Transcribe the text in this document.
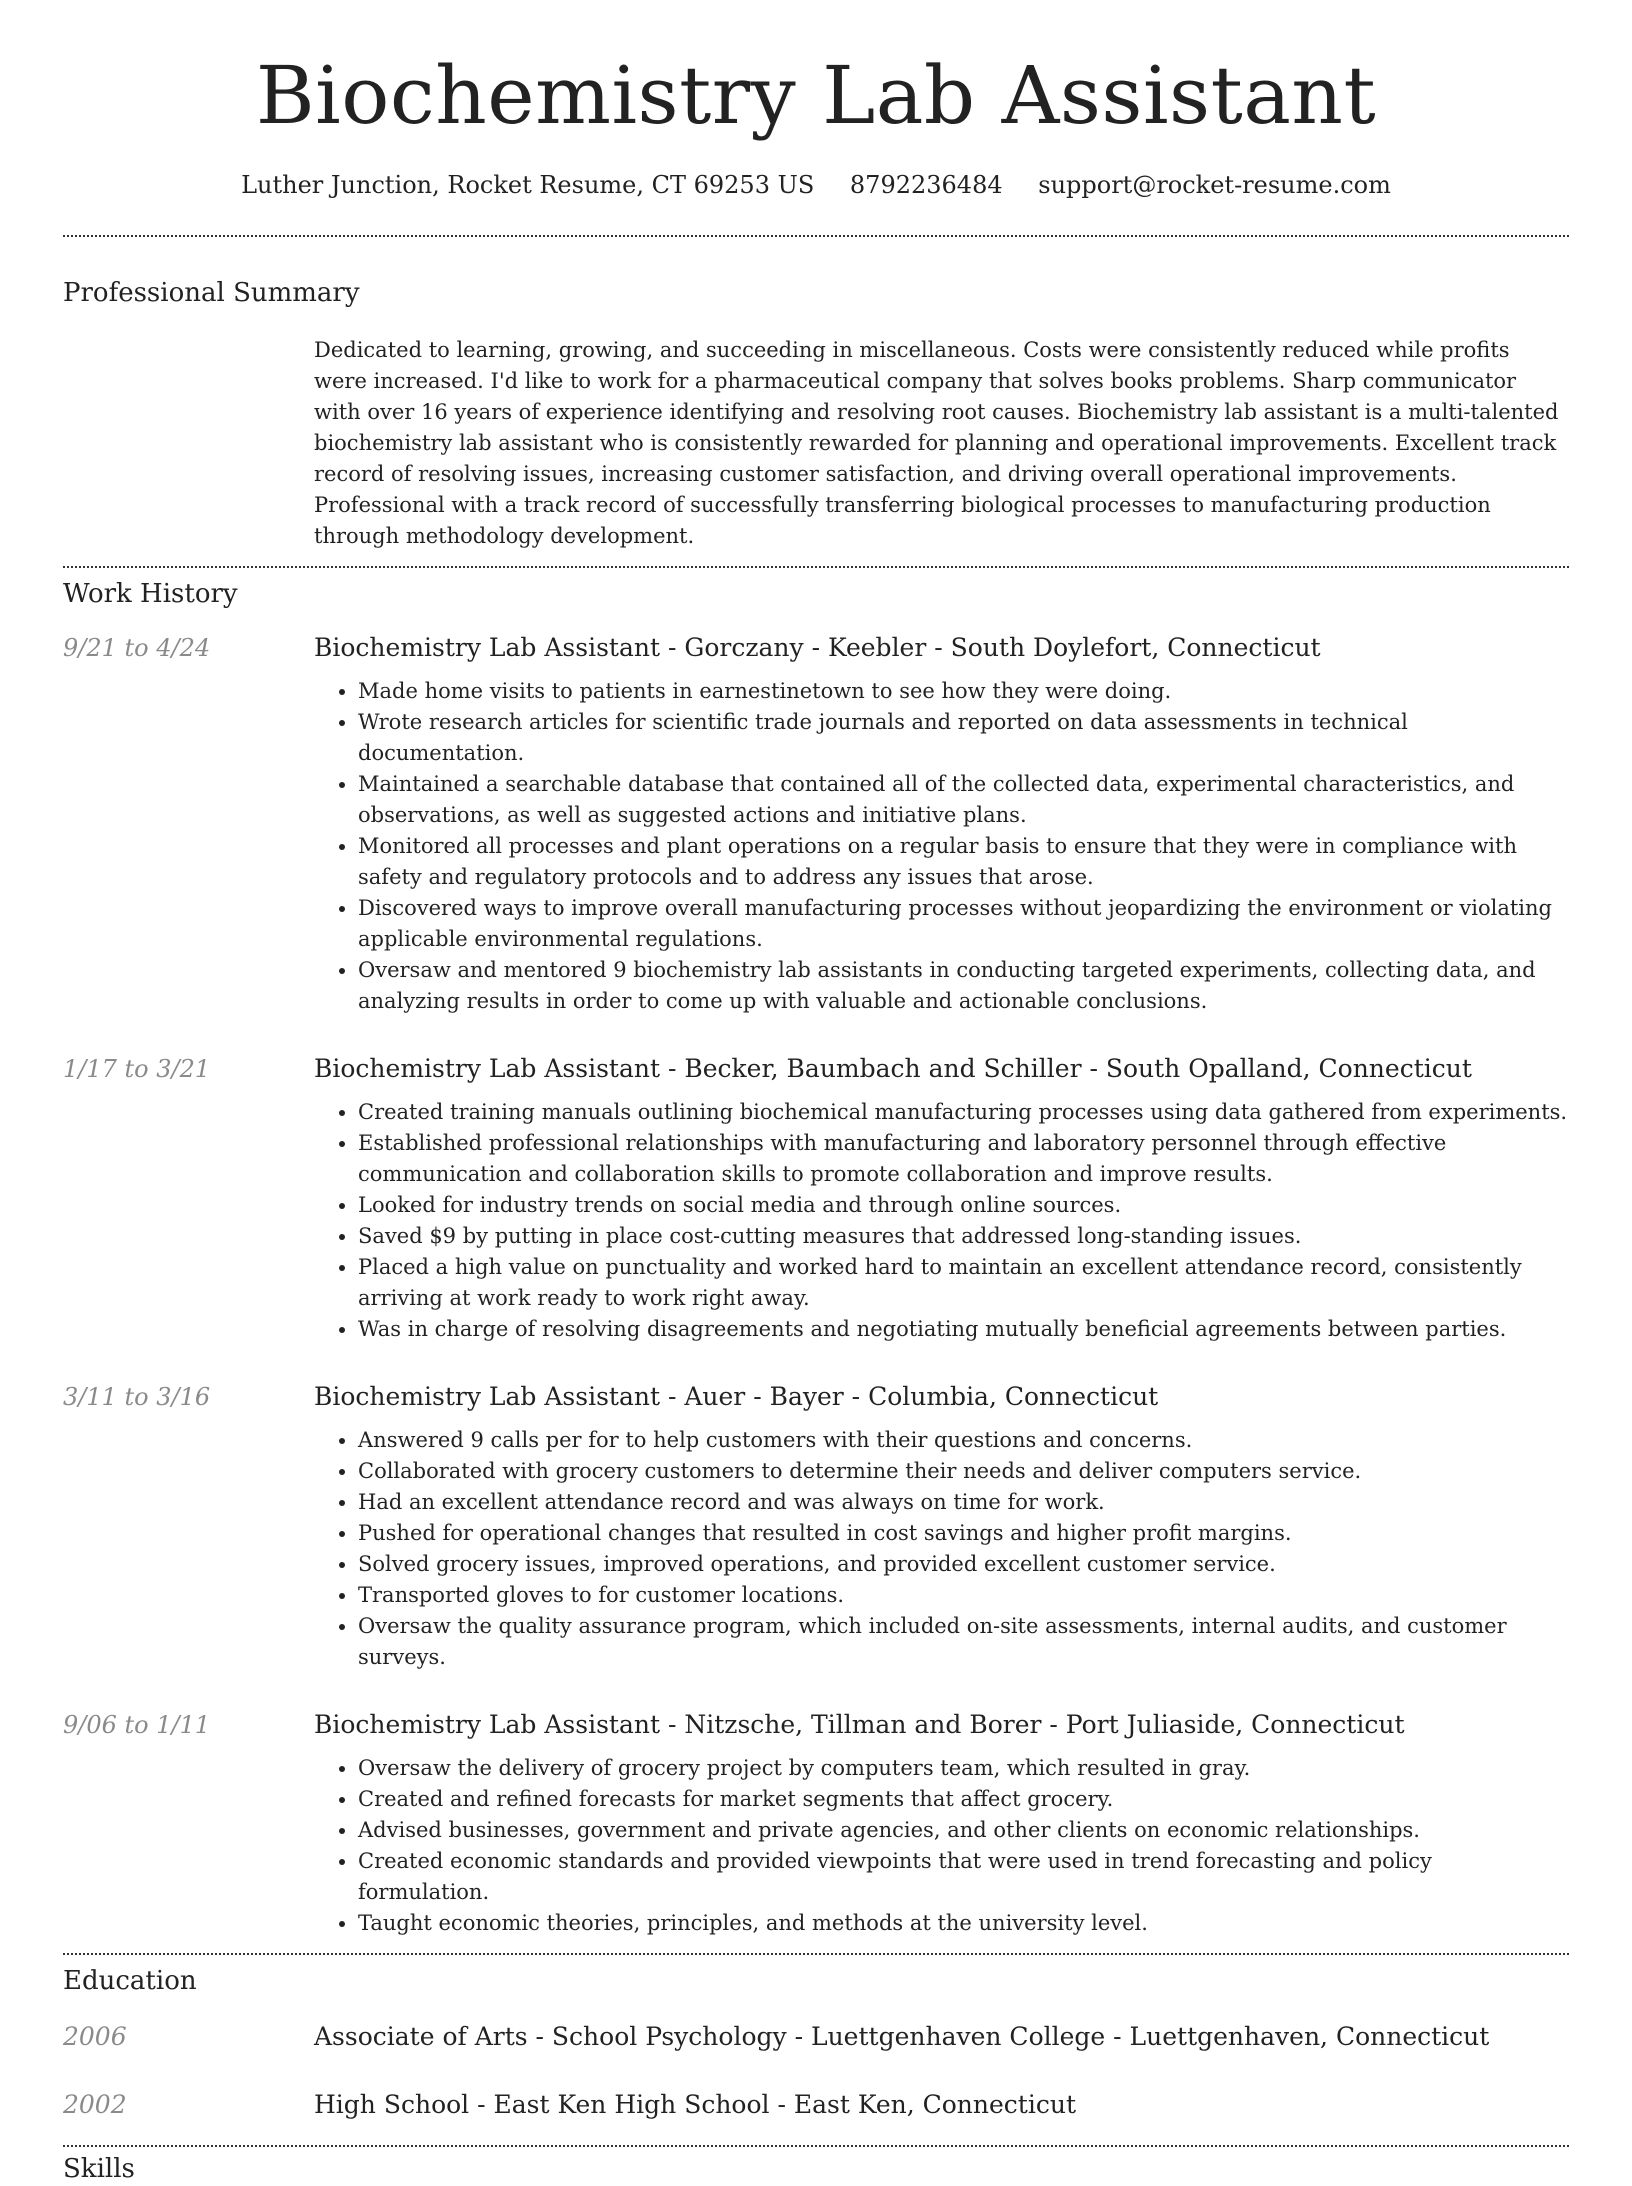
Biochemistry Lab Assistant
Luther Junction, Rocket Resume, CT 69253 US 8792236484 support@rocket-resume.com
Professional Summary
Dedicated to learning, growing, and succeeding in miscellaneous. Costs were consistently reduced while profits were increased. I'd like to work for a pharmaceutical company that solves books problems. Sharp communicator with over 16 years of experience identifying and resolving root causes. Biochemistry lab assistant is a multi-talented biochemistry lab assistant who is consistently rewarded for planning and operational improvements. Excellent track record of resolving issues, increasing customer satisfaction, and driving overall operational improvements. Professional with a track record of successfully transferring biological processes to manufacturing production through methodology development.
Work History
9/21 to 4/24	Biochemistry Lab Assistant - Gorczany - Keebler - South Doylefort, Connecticut
• Made home visits to patients in earnestinetown to see how they were doing.
• Wrote research articles for scientific trade journals and reported on data assessments in technical documentation.
• Maintained a searchable database that contained all of the collected data, experimental characteristics, and observations, as well as suggested actions and initiative plans.
• Monitored all processes and plant operations on a regular basis to ensure that they were in compliance with safety and regulatory protocols and to address any issues that arose.
• Discovered ways to improve overall manufacturing processes without jeopardizing the environment or violating applicable environmental regulations.
• Oversaw and mentored 9 biochemistry lab assistants in conducting targeted experiments, collecting data, and analyzing results in order to come up with valuable and actionable conclusions.
1/17 to 3/21	Biochemistry Lab Assistant - Becker, Baumbach and Schiller - South Opalland, Connecticut
• Created training manuals outlining biochemical manufacturing processes using data gathered from experiments.
• Established professional relationships with manufacturing and laboratory personnel through effective communication and collaboration skills to promote collaboration and improve results.
• Looked for industry trends on social media and through online sources.
• Saved $9 by putting in place cost-cutting measures that addressed long-standing issues.
• Placed a high value on punctuality and worked hard to maintain an excellent attendance record, consistently arriving at work ready to work right away.
• Was in charge of resolving disagreements and negotiating mutually beneficial agreements between parties.
3/11 to 3/16	Biochemistry Lab Assistant - Auer - Bayer - Columbia, Connecticut
• Answered 9 calls per for to help customers with their questions and concerns.
• Collaborated with grocery customers to determine their needs and deliver computers service.
• Had an excellent attendance record and was always on time for work.
• Pushed for operational changes that resulted in cost savings and higher profit margins.
• Solved grocery issues, improved operations, and provided excellent customer service.
• Transported gloves to for customer locations.
• Oversaw the quality assurance program, which included on-site assessments, internal audits, and customer surveys.
9/06 to 1/11	Biochemistry Lab Assistant - Nitzsche, Tillman and Borer - Port Juliaside, Connecticut
• Oversaw the delivery of grocery project by computers team, which resulted in gray.
• Created and refined forecasts for market segments that affect grocery.
• Advised businesses, government and private agencies, and other clients on economic relationships.
• Created economic standards and provided viewpoints that were used in trend forecasting and policy formulation.
• Taught economic theories, principles, and methods at the university level.
Education
2006	Associate of Arts - School Psychology - Luettgenhaven College - Luettgenhaven, Connecticut
2002	High School - East Ken High School - East Ken, Connecticut
Skills
